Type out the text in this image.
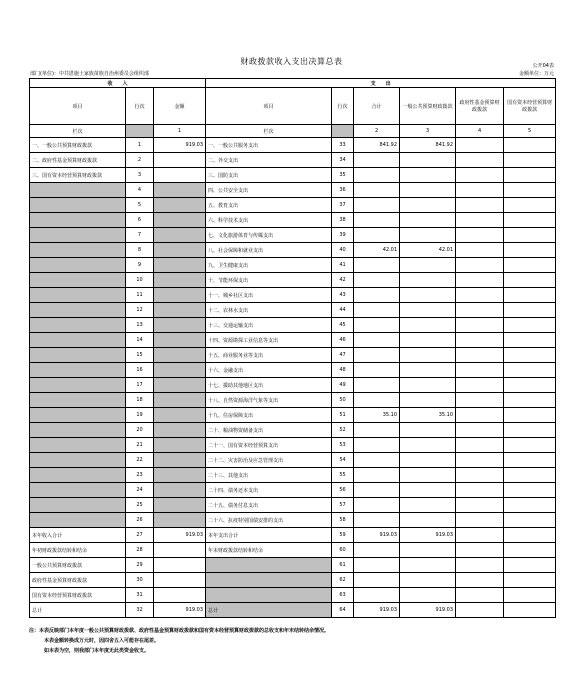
财政拨款收入支出决算总表	公开04表
金额单位：万元
部门(单位)：中共恩施土家族苗族自治州委员会组织部
收　　入			支　　出					
项目	行次	金额	项目	行次	合计	一般公共预算财政拨款	政府性基金预算财政拨款	国有资本经营预算财政拨款
栏次		1	栏次		2	3	4	5
一、一般公共预算财政拨款	1	919.03	一、一般公共服务支出	33	841.92	841.92		
二、政府性基金预算财政拨款	2		二、外交支出	34				
三、国有资本经营预算财政拨款	3		三、国防支出	35				
	4		四、公共安全支出	36				
	5		五、教育支出	37				
	6		六、科学技术支出	38				
	7		七、文化旅游体育与传媒支出	39				
	8		八、社会保障和就业支出	40	42.01	42.01		
	9		九、卫生健康支出	41				
	10		十、节能环保支出	42				
	11		十一、城乡社区支出	43				
	12		十二、农林水支出	44				
	13		十三、交通运输支出	45				
	14		十四、资源勘探工业信息等支出	46				
	15		十五、商业服务业等支出	47				
	16		十六、金融支出	48				
	17		十七、援助其他地区支出	49				
	18		十八、自然资源海洋气象等支出	50				
	19		十九、住房保障支出	51	35.10	35.10		
	20		二十、粮油物资储备支出	52				
	21		二十一、国有资本经营预算支出	53				
	22		二十二、灾害防治及应急管理支出	54				
	23		二十三、其他支出	55				
	24		二十四、债务还本支出	56				
	25		二十五、债务付息支出	57				
	26		二十六、抗疫特别国债安排的支出	58				
本年收入合计	27	919.03	本年支出合计	59	919.03	919.03		
年初财政拨款结转和结余	28		年末财政拨款结转和结余	60				
一般公共预算财政拨款	29			61				
政府性基金预算财政拨款	30			62				
国有资本经营预算财政拨款	31			63				
总计	32	919.03	总计	64	919.03	919.03		
注：本表反映部门本年度一般公共预算财政拨款、政府性基金预算财政拨款和国有资本经营预算财政拨款的总收支和年末结转结余情况。
本表金额转换成万元时，因四舍五入可能存在尾差。
如本表为空，则我部门本年度无此类资金收支。
